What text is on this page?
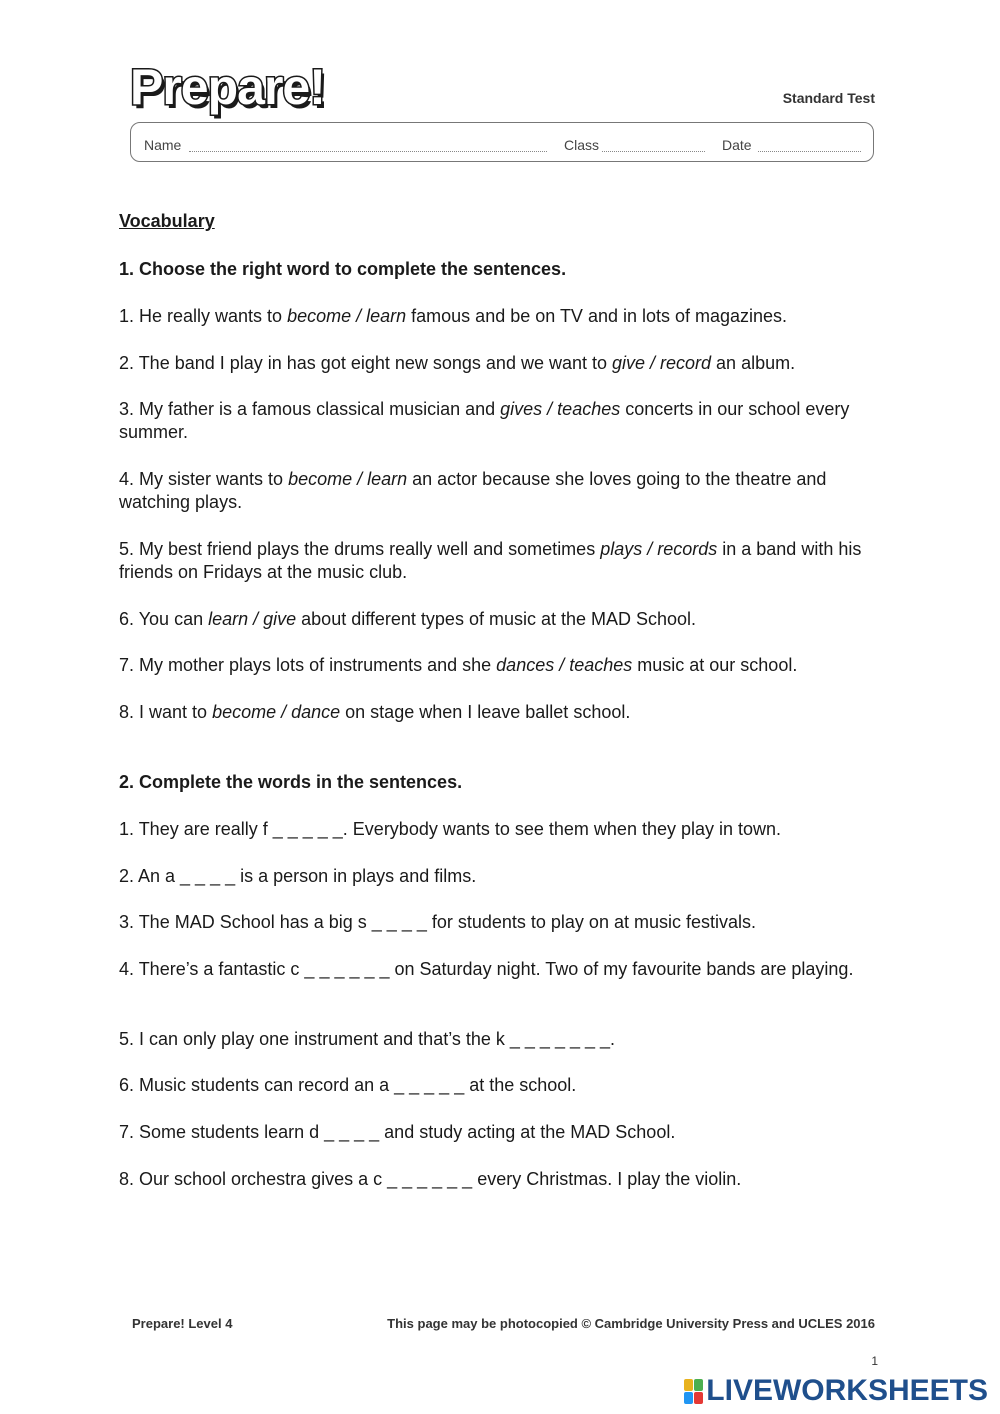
Prepare!	Standard Test
Name	Class	Date
Vocabulary
1. Choose the right word to complete the sentences.
1. He really wants to become / learn famous and be on TV and in lots of magazines.
2. The band I play in has got eight new songs and we want to give / record an album.
3. My father is a famous classical musician and gives / teaches concerts in our school every summer.
4. My sister wants to become / learn an actor because she loves going to the theatre and watching plays.
5. My best friend plays the drums really well and sometimes plays / records in a band with his friends on Fridays at the music club.
6. You can learn / give about different types of music at the MAD School.
7. My mother plays lots of instruments and she dances / teaches music at our school.
8. I want to become / dance on stage when I leave ballet school.
2. Complete the words in the sentences.
1. They are really f _ _ _ _ _. Everybody wants to see them when they play in town.
2. An a _ _ _ _ is a person in plays and films.
3. The MAD School has a big s _ _ _ _ for students to play on at music festivals.
4. There’s a fantastic c _ _ _ _ _ _ on Saturday night. Two of my favourite bands are playing.
5. I can only play one instrument and that’s the k _ _ _ _ _ _ _.
6. Music students can record an a _ _ _ _ _ at the school.
7. Some students learn d _ _ _ _ and study acting at the MAD School.
8. Our school orchestra gives a c _ _ _ _ _ _ every Christmas. I play the violin.
Prepare! Level 4	This page may be photocopied © Cambridge University Press and UCLES 2016
1
LIVEWORKSHEETS
